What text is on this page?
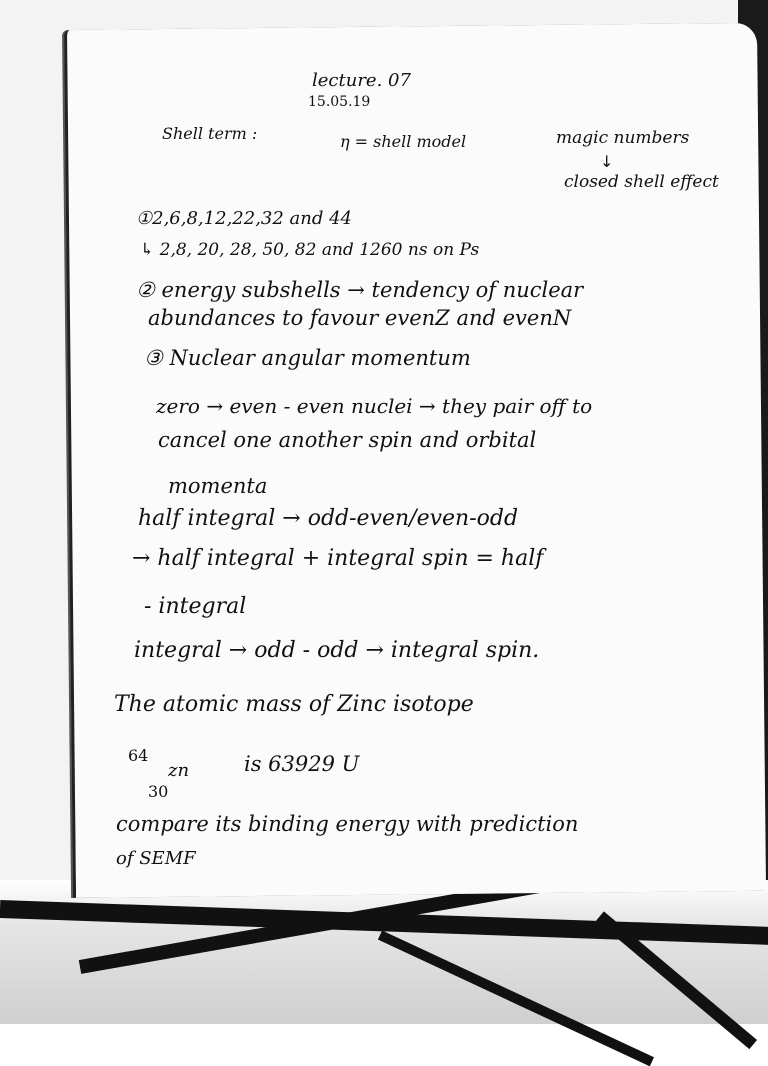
lecture. 07
15.05.19
Shell term :	η = shell model	magic numbers
↓
closed shell effect
①2,6,8,12,22,32 and 44
↳ 2,8, 20, 28, 50, 82 and 1260 ns on Ps
② energy subshells → tendency of nuclear
abundances to favour evenZ and evenN
③ Nuclear angular momentum
zero → even - even nuclei → they pair off to
cancel one another spin and orbital
momenta
half integral → odd-even/even-odd
→ half integral + integral spin = half
- integral
integral → odd - odd → integral spin.
The atomic mass of Zinc isotope
64
zn
30
is 63929 U
compare its binding energy with prediction
of SEMF
